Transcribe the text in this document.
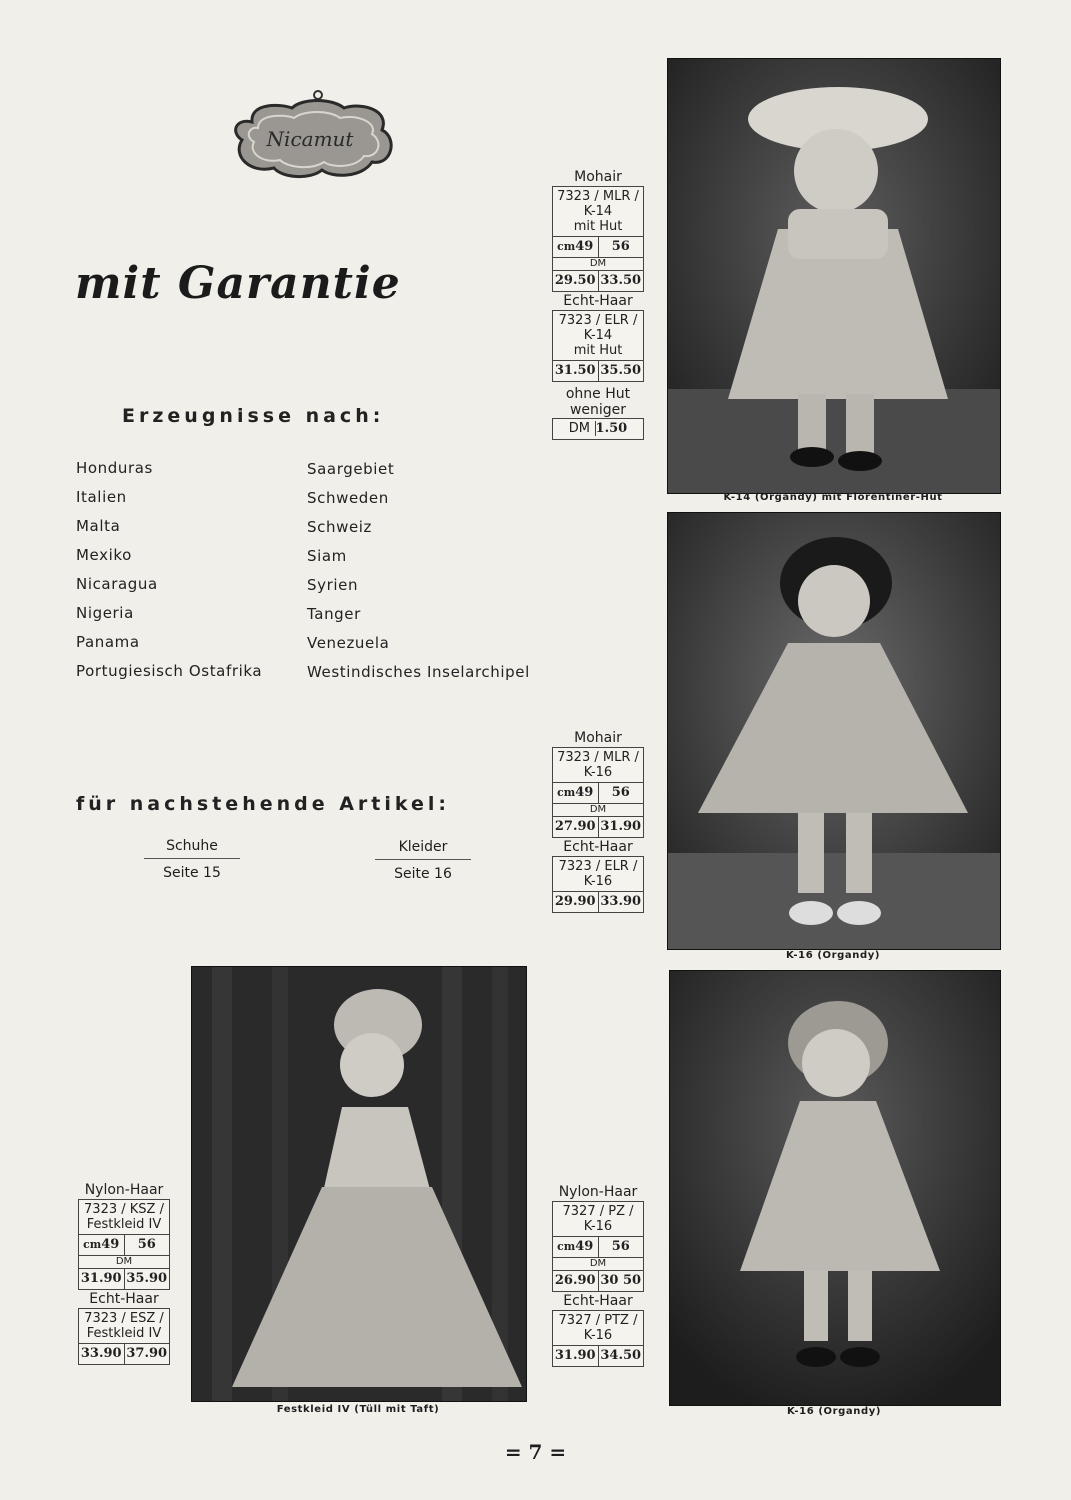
Nicamut
mit Garantie
Erzeugnisse nach:
Honduras
Italien
Malta
Mexiko
Nicaragua
Nigeria
Panama
Portugiesisch Ostafrika
Saargebiet
Schweden
Schweiz
Siam
Syrien
Tanger
Venezuela
Westindisches Inselarchipel
für nachstehende Artikel:
Schuhe
Seite 15
Kleider
Seite 16
Mohair
7323 / MLR /
K-14
mit Hut
cm49	56
DM
29.50 33.50
Echt-Haar
7323 / ELR /
K-14
mit Hut
31.50 35.50
ohne Hut
weniger
DM 1.50
K-14 (Organdy) mit Florentiner-Hut
Mohair
7323 / MLR /
K-16
cm49	56
DM
27.90 31.90
Echt-Haar
7323 / ELR /
K-16
29.90 33.90
K-16 (Organdy)
Nylon-Haar
7323 / KSZ /
Festkleid IV
cm49	56
DM
31.90 35.90
Echt-Haar
7323 / ESZ /
Festkleid IV
33.90 37.90
Festkleid IV (Tüll mit Taft)
Nylon-Haar
7327 / PZ /
K-16
cm49	56
DM
26.90 30 50
Echt-Haar
7327 / PTZ /
K-16
31.90 34.50
K-16 (Organdy)
= 7 =
